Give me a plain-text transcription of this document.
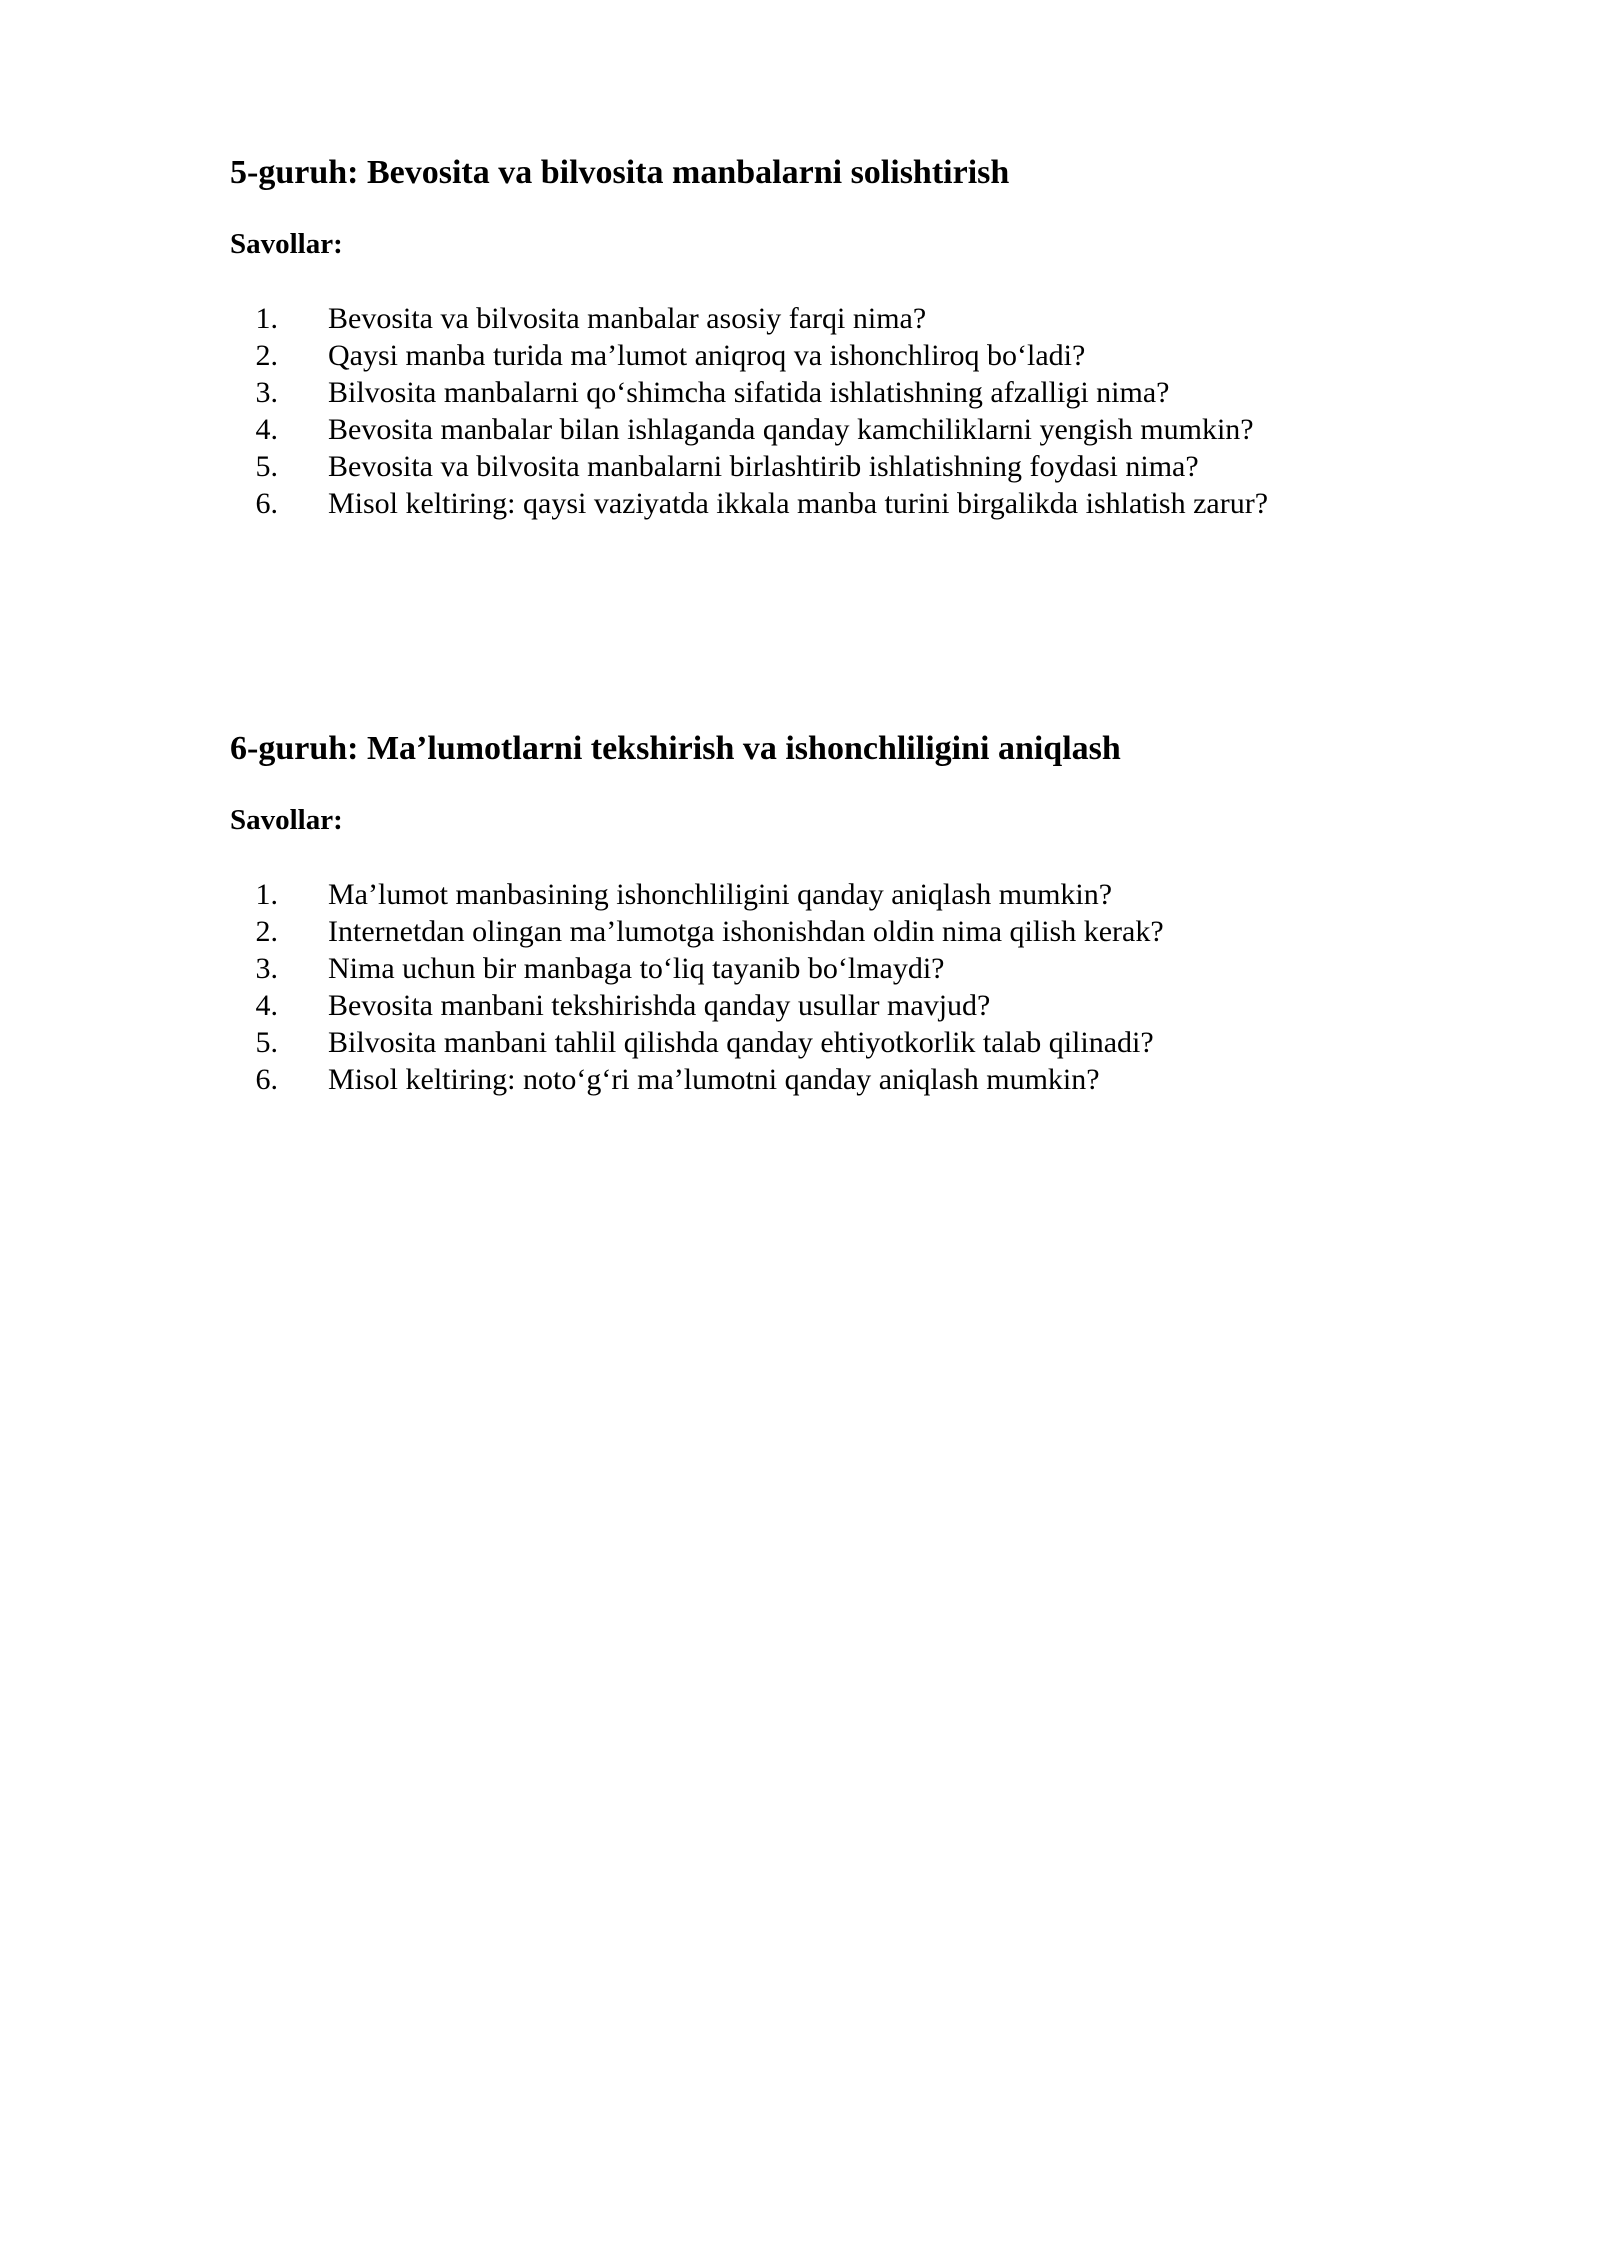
5-guruh: Bevosita va bilvosita manbalarni solishtirish
Savollar:
1. Bevosita va bilvosita manbalar asosiy farqi nima?
2. Qaysi manba turida ma’lumot aniqroq va ishonchliroq bo‘ladi?
3. Bilvosita manbalarni qo‘shimcha sifatida ishlatishning afzalligi nima?
4. Bevosita manbalar bilan ishlaganda qanday kamchiliklarni yengish mumkin?
5. Bevosita va bilvosita manbalarni birlashtirib ishlatishning foydasi nima?
6. Misol keltiring: qaysi vaziyatda ikkala manba turini birgalikda ishlatish zarur?
6-guruh: Ma’lumotlarni tekshirish va ishonchliligini aniqlash
Savollar:
1. Ma’lumot manbasining ishonchliligini qanday aniqlash mumkin?
2. Internetdan olingan ma’lumotga ishonishdan oldin nima qilish kerak?
3. Nima uchun bir manbaga to‘liq tayanib bo‘lmaydi?
4. Bevosita manbani tekshirishda qanday usullar mavjud?
5. Bilvosita manbani tahlil qilishda qanday ehtiyotkorlik talab qilinadi?
6. Misol keltiring: noto‘g‘ri ma’lumotni qanday aniqlash mumkin?
